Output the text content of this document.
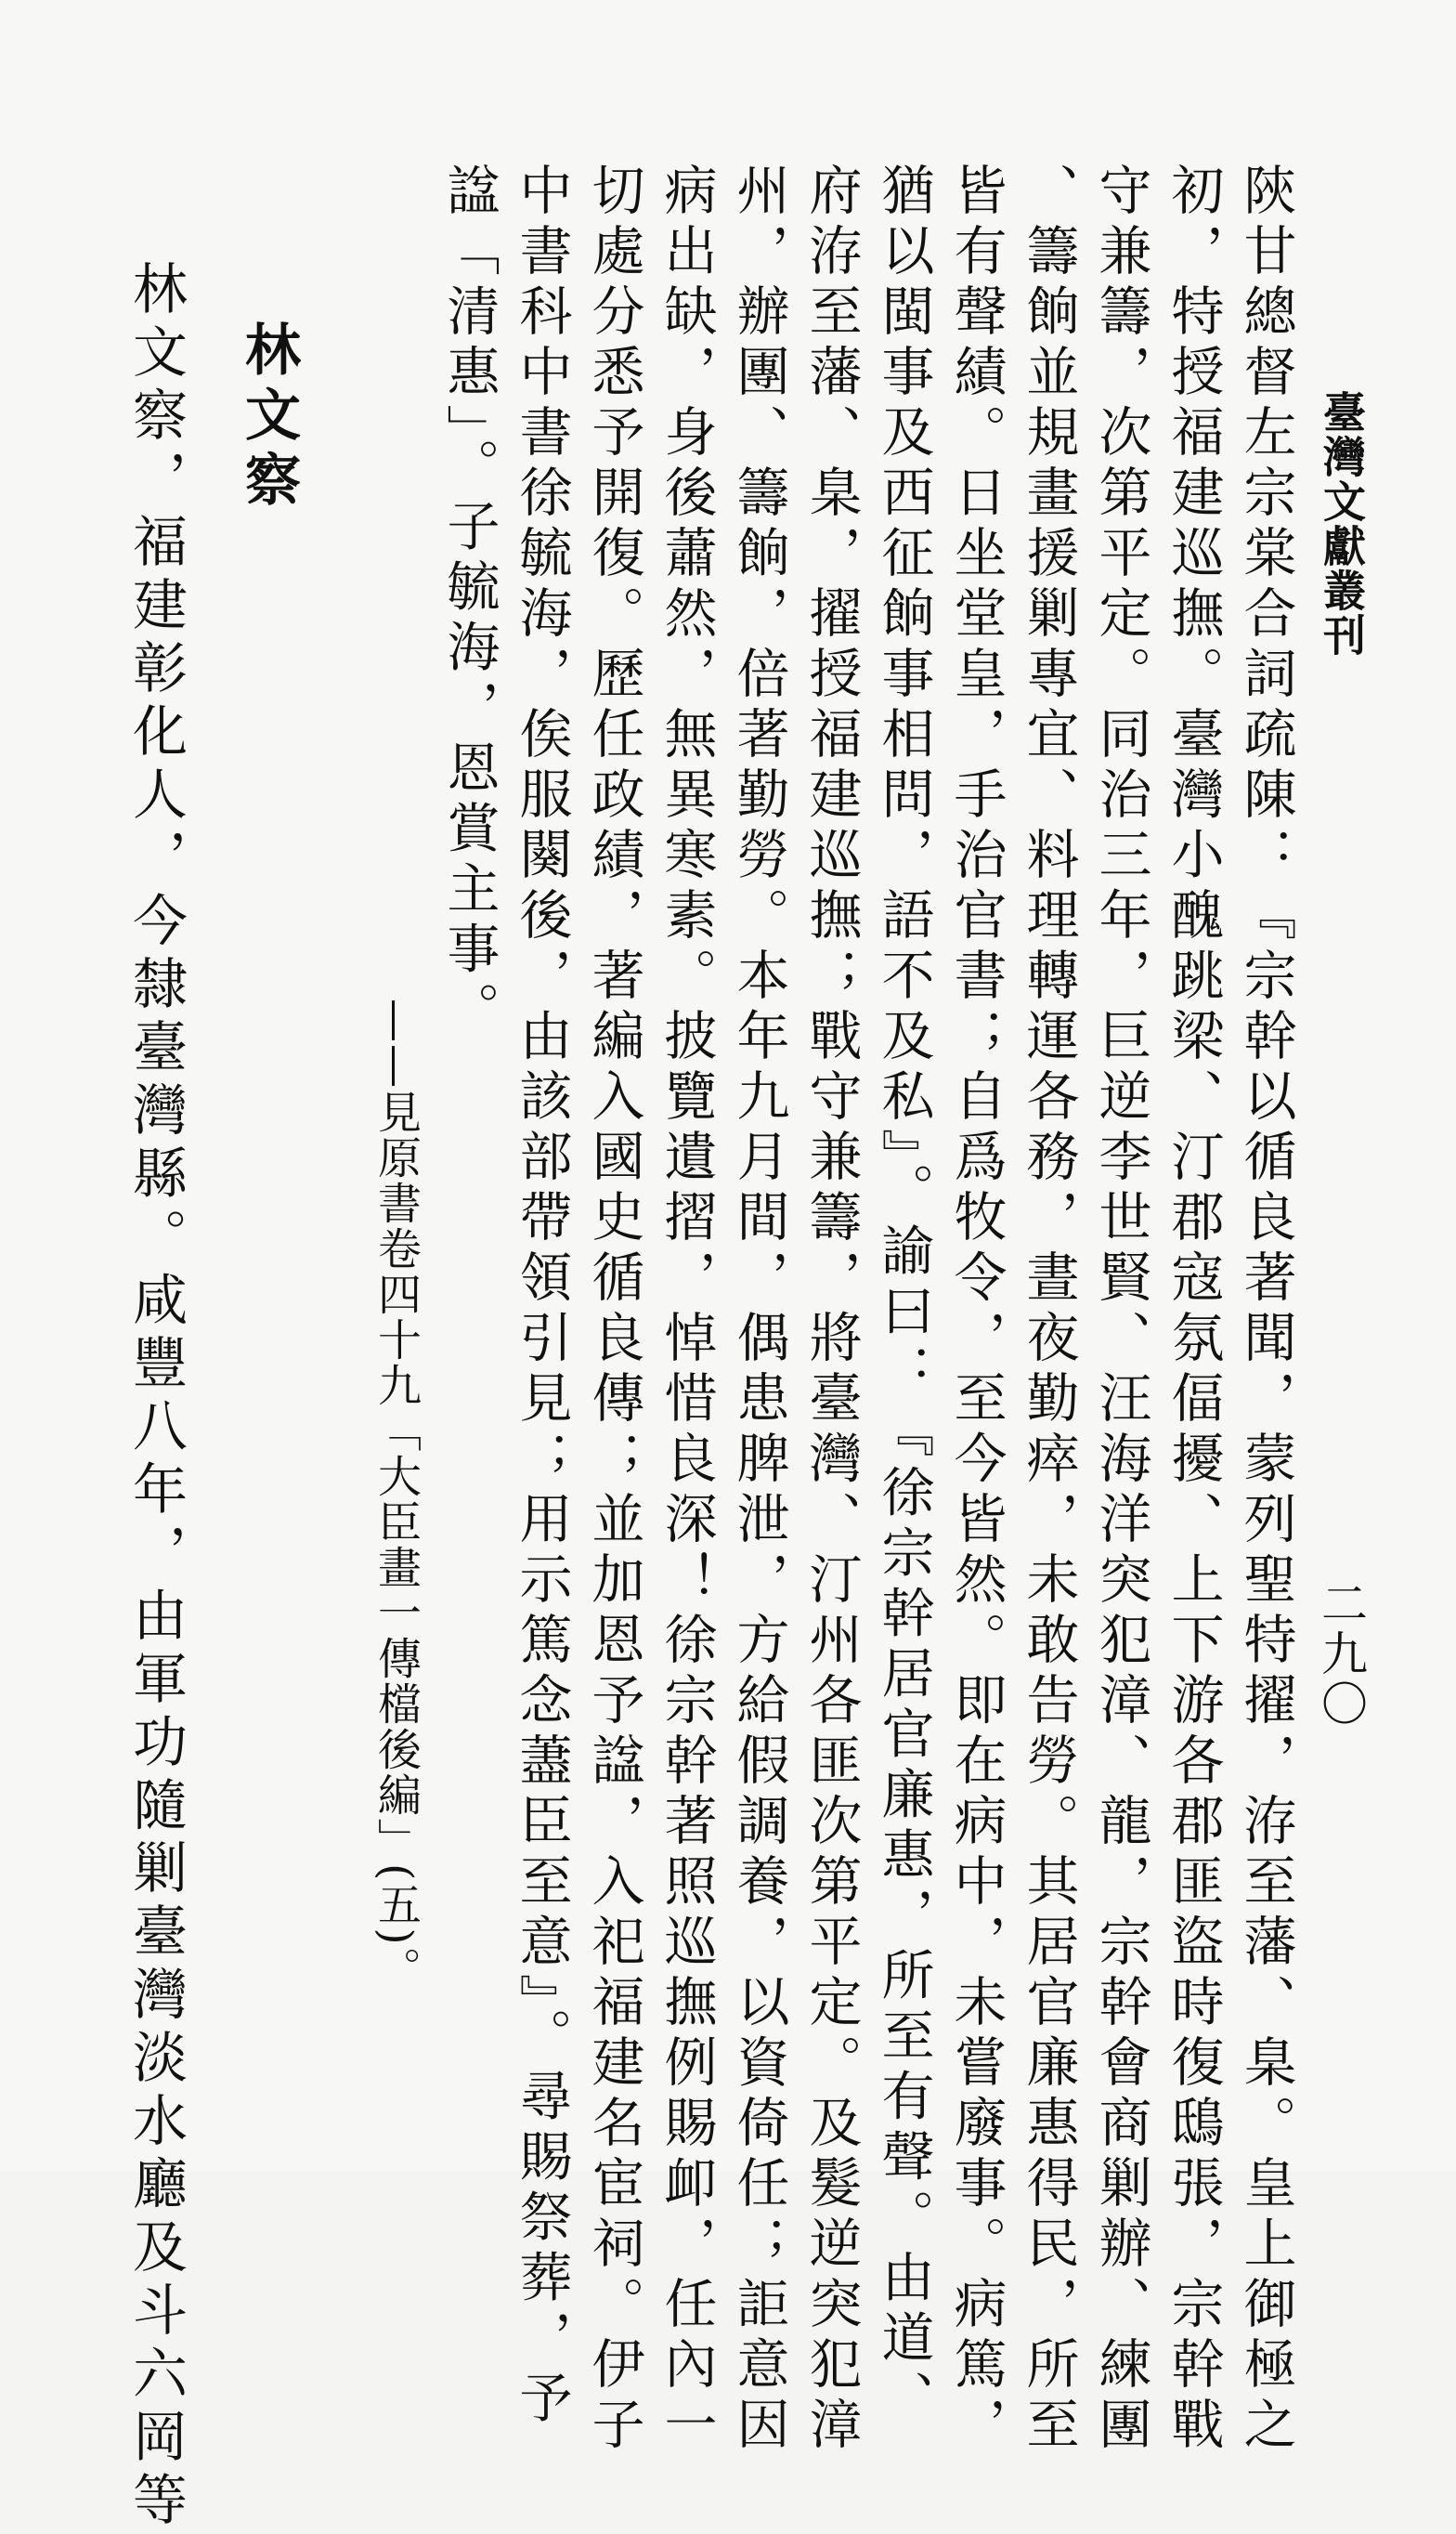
臺灣文獻叢刊
二九〇
陝甘總督左宗棠合詞疏陳：『宗幹以循良著聞，蒙列聖特擢，洊至藩、臬。皇上御極之
初，特授福建巡撫。臺灣小醜跳梁、汀郡寇氛偪擾、上下游各郡匪盜時復鴟張，宗幹戰
守兼籌，次第平定。同治三年，巨逆李世賢、汪海洋突犯漳、龍，宗幹會商剿辦、練團
、籌餉並規畫援剿專宜、料理轉運各務，晝夜勤瘁，未敢告勞。其居官廉惠得民，所至
皆有聲績。日坐堂皇，手治官書；自爲牧令，至今皆然。即在病中，未嘗廢事。病篤，
猶以閩事及西征餉事相問，語不及私』。諭曰：『徐宗幹居官廉惠，所至有聲。由道、
府洊至藩、臬，擢授福建巡撫；戰守兼籌，將臺灣、汀州各匪次第平定。及髮逆突犯漳
州，辦團、籌餉，倍著勤勞。本年九月間，偶患脾泄，方給假調養，以資倚任；詎意因
病出缺，身後蕭然，無異寒素。披覽遺摺，悼惜良深！徐宗幹著照巡撫例賜卹，任內一
切處分悉予開復。歷任政績，著編入國史循良傳；並加恩予諡，入祀福建名宦祠。伊子
中書科中書徐毓海，俟服闋後，由該部帶領引見；用示篤念藎臣至意』。尋賜祭葬，予
諡「清惠」。子毓海，恩賞主事。
——見原書卷四十九「大臣畫一傳檔後編」(五)。
林文察
林文察，福建彰化人，今隸臺灣縣。咸豐八年，由軍功隨剿臺灣淡水廳及斗六岡等
